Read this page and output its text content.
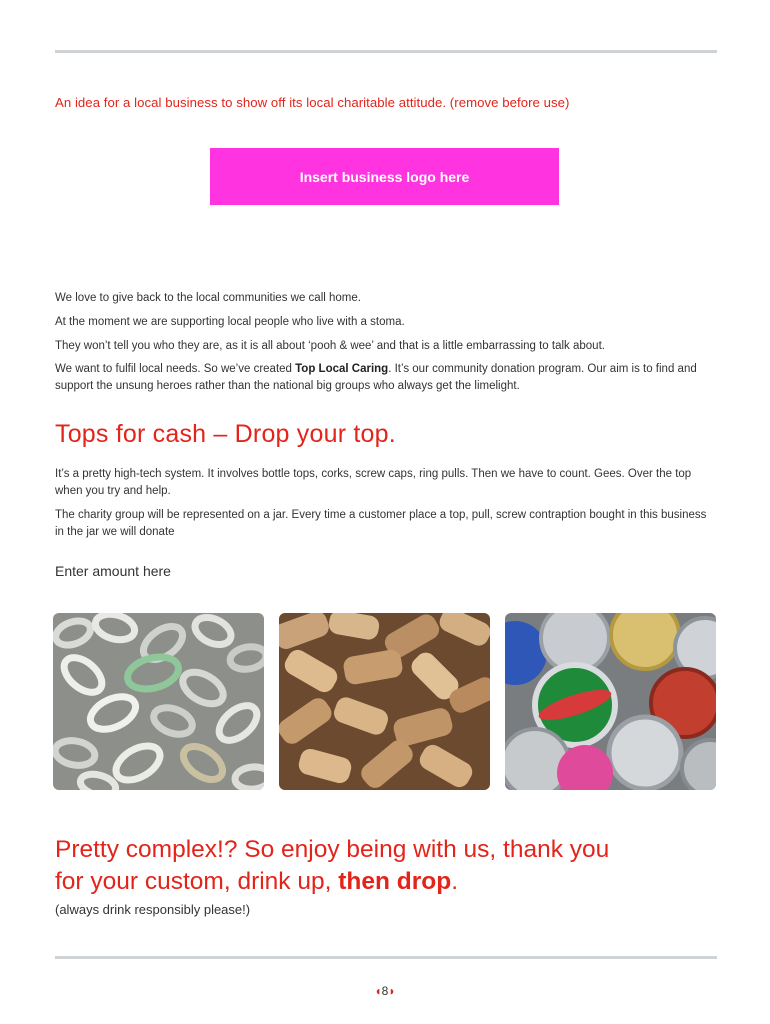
An idea for a local business to show off its local charitable attitude. (remove before use)
Insert business logo here

We love to give back to the local communities we call home.

At the moment we are supporting local people who live with a stoma.

They won’t tell you who they are, as it is all about ‘pooh & wee’ and that is a little embarrassing to talk about.

We want to fulfil local needs. So we’ve created Top Local Caring. It’s our community donation program. Our aim is to find and support the unsung heroes rather than the national big groups who always get the limelight.

Tops for cash – Drop your top.

It’s a pretty high-tech system. It involves bottle tops, corks, screw caps, ring pulls. Then we have to count. Gees. Over the top when you try and help.

The charity group will be represented on a jar. Every time a customer place a top, pull, screw contraption bought in this business in the jar we will donate

Enter amount here

Pretty complex!? So enjoy being with us, thank you
for your custom, drink up, then drop.

(always drink responsibly please!)
◖8◗
